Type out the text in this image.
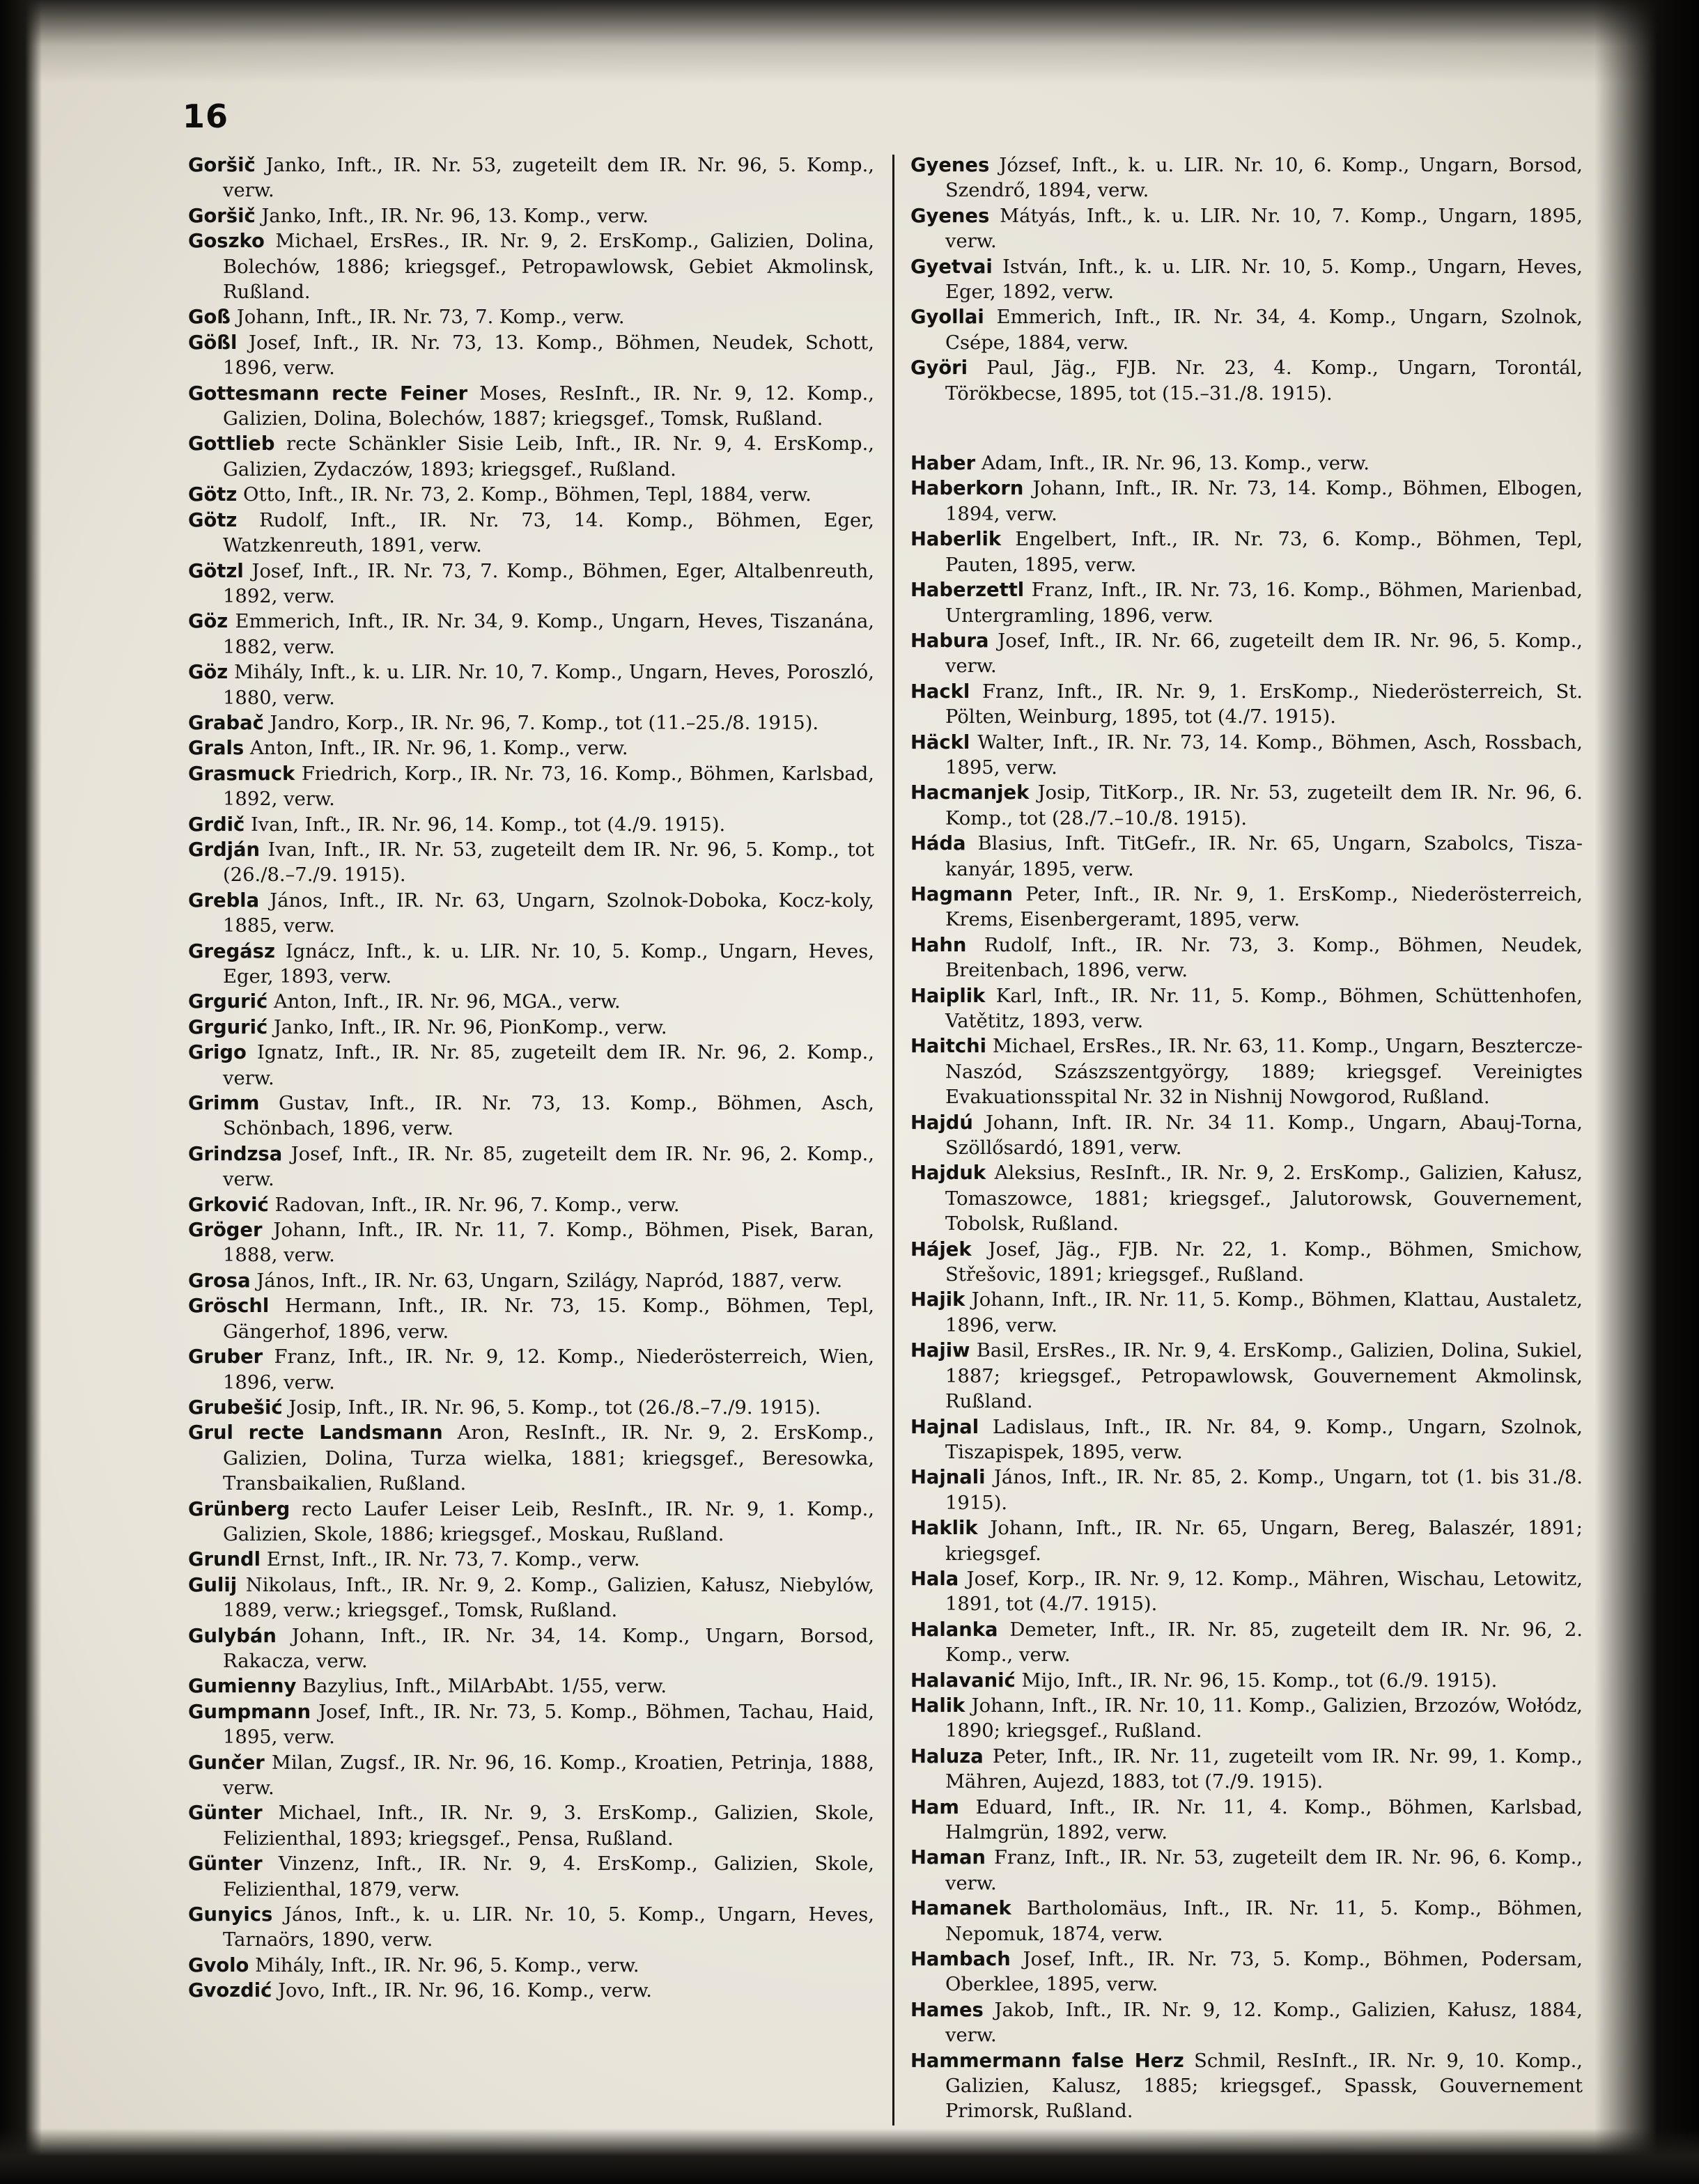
16

Goršič Janko, Inft., IR. Nr. 53, zugeteilt dem IR. Nr. 96, 5. Komp., verw.

Goršič Janko, Inft., IR. Nr. 96, 13. Komp., verw.

Goszko Michael, ErsRes., IR. Nr. 9, 2. ErsKomp., Galizien, Dolina, Bolechów, 1886; kriegsgef., Petropawlowsk, Gebiet Akmolinsk, Rußland.

Goß Johann, Inft., IR. Nr. 73, 7. Komp., verw.

Gößl Josef, Inft., IR. Nr. 73, 13. Komp., Böhmen, Neudek, Schott, 1896, verw.

Gottesmann recte Feiner Moses, ResInft., IR. Nr. 9, 12. Komp., Galizien, Dolina, Bolechów, 1887; kriegsgef., Tomsk, Rußland.

Gottlieb recte Schänkler Sisie Leib, Inft., IR. Nr. 9, 4. ErsKomp., Galizien, Zydaczów, 1893; kriegsgef., Rußland.

Götz Otto, Inft., IR. Nr. 73, 2. Komp., Böhmen, Tepl, 1884, verw.

Götz Rudolf, Inft., IR. Nr. 73, 14. Komp., Böhmen, Eger, Watzkenreuth, 1891, verw.

Götzl Josef, Inft., IR. Nr. 73, 7. Komp., Böhmen, Eger, Altalbenreuth, 1892, verw.

Göz Emmerich, Inft., IR. Nr. 34, 9. Komp., Ungarn, Heves, Tiszanána, 1882, verw.

Göz Mihály, Inft., k. u. LIR. Nr. 10, 7. Komp., Ungarn, Heves, Poroszló, 1880, verw.

Grabač Jandro, Korp., IR. Nr. 96, 7. Komp., tot (11.–25./8. 1915).

Grals Anton, Inft., IR. Nr. 96, 1. Komp., verw.

Grasmuck Friedrich, Korp., IR. Nr. 73, 16. Komp., Böhmen, Karlsbad, 1892, verw.

Grdič Ivan, Inft., IR. Nr. 96, 14. Komp., tot (4./9. 1915).

Grdján Ivan, Inft., IR. Nr. 53, zugeteilt dem IR. Nr. 96, 5. Komp., tot (26./8.–7./9. 1915).

Grebla János, Inft., IR. Nr. 63, Ungarn, Szolnok-Doboka, Kocz-koly, 1885, verw.

Gregász Ignácz, Inft., k. u. LIR. Nr. 10, 5. Komp., Ungarn, Heves, Eger, 1893, verw.

Grgurić Anton, Inft., IR. Nr. 96, MGA., verw.

Grgurić Janko, Inft., IR. Nr. 96, PionKomp., verw.

Grigo Ignatz, Inft., IR. Nr. 85, zugeteilt dem IR. Nr. 96, 2. Komp., verw.

Grimm Gustav, Inft., IR. Nr. 73, 13. Komp., Böhmen, Asch, Schönbach, 1896, verw.

Grindzsa Josef, Inft., IR. Nr. 85, zugeteilt dem IR. Nr. 96, 2. Komp., verw.

Grković Radovan, Inft., IR. Nr. 96, 7. Komp., verw.

Gröger Johann, Inft., IR. Nr. 11, 7. Komp., Böhmen, Pisek, Baran, 1888, verw.

Grosa János, Inft., IR. Nr. 63, Ungarn, Szilágy, Napród, 1887, verw.

Gröschl Hermann, Inft., IR. Nr. 73, 15. Komp., Böhmen, Tepl, Gängerhof, 1896, verw.

Gruber Franz, Inft., IR. Nr. 9, 12. Komp., Niederösterreich, Wien, 1896, verw.

Grubešić Josip, Inft., IR. Nr. 96, 5. Komp., tot (26./8.–7./9. 1915).

Grul recte Landsmann Aron, ResInft., IR. Nr. 9, 2. ErsKomp., Galizien, Dolina, Turza wielka, 1881; kriegsgef., Beresowka, Transbaikalien, Rußland.

Grünberg recto Laufer Leiser Leib, ResInft., IR. Nr. 9, 1. Komp., Galizien, Skole, 1886; kriegsgef., Moskau, Rußland.

Grundl Ernst, Inft., IR. Nr. 73, 7. Komp., verw.

Gulij Nikolaus, Inft., IR. Nr. 9, 2. Komp., Galizien, Kałusz, Niebylów, 1889, verw.; kriegsgef., Tomsk, Rußland.

Gulybán Johann, Inft., IR. Nr. 34, 14. Komp., Ungarn, Borsod, Rakacza, verw.

Gumienny Bazylius, Inft., MilArbAbt. 1/55, verw.

Gumpmann Josef, Inft., IR. Nr. 73, 5. Komp., Böhmen, Tachau, Haid, 1895, verw.

Gunčer Milan, Zugsf., IR. Nr. 96, 16. Komp., Kroatien, Petrinja, 1888, verw.

Günter Michael, Inft., IR. Nr. 9, 3. ErsKomp., Galizien, Skole, Felizienthal, 1893; kriegsgef., Pensa, Rußland.

Günter Vinzenz, Inft., IR. Nr. 9, 4. ErsKomp., Galizien, Skole, Felizienthal, 1879, verw.

Gunyics János, Inft., k. u. LIR. Nr. 10, 5. Komp., Ungarn, Heves, Tarnaörs, 1890, verw.

Gvolo Mihály, Inft., IR. Nr. 96, 5. Komp., verw.

Gvozdić Jovo, Inft., IR. Nr. 96, 16. Komp., verw.

Gyenes József, Inft., k. u. LIR. Nr. 10, 6. Komp., Ungarn, Borsod, Szendrő, 1894, verw.

Gyenes Mátyás, Inft., k. u. LIR. Nr. 10, 7. Komp., Ungarn, 1895, verw.

Gyetvai István, Inft., k. u. LIR. Nr. 10, 5. Komp., Ungarn, Heves, Eger, 1892, verw.

Gyollai Emmerich, Inft., IR. Nr. 34, 4. Komp., Ungarn, Szolnok, Csépe, 1884, verw.

Györi Paul, Jäg., FJB. Nr. 23, 4. Komp., Ungarn, Torontál, Törökbecse, 1895, tot (15.–31./8. 1915).

Haber Adam, Inft., IR. Nr. 96, 13. Komp., verw.

Haberkorn Johann, Inft., IR. Nr. 73, 14. Komp., Böhmen, Elbogen, 1894, verw.

Haberlik Engelbert, Inft., IR. Nr. 73, 6. Komp., Böhmen, Tepl, Pauten, 1895, verw.

Haberzettl Franz, Inft., IR. Nr. 73, 16. Komp., Böhmen, Marienbad, Untergramling, 1896, verw.

Habura Josef, Inft., IR. Nr. 66, zugeteilt dem IR. Nr. 96, 5. Komp., verw.

Hackl Franz, Inft., IR. Nr. 9, 1. ErsKomp., Niederösterreich, St. Pölten, Weinburg, 1895, tot (4./7. 1915).

Häckl Walter, Inft., IR. Nr. 73, 14. Komp., Böhmen, Asch, Rossbach, 1895, verw.

Hacmanjek Josip, TitKorp., IR. Nr. 53, zugeteilt dem IR. Nr. 96, 6. Komp., tot (28./7.–10./8. 1915).

Háda Blasius, Inft. TitGefr., IR. Nr. 65, Ungarn, Szabolcs, Tisza-kanyár, 1895, verw.

Hagmann Peter, Inft., IR. Nr. 9, 1. ErsKomp., Niederösterreich, Krems, Eisenbergeramt, 1895, verw.

Hahn Rudolf, Inft., IR. Nr. 73, 3. Komp., Böhmen, Neudek, Breitenbach, 1896, verw.

Haiplik Karl, Inft., IR. Nr. 11, 5. Komp., Böhmen, Schüttenhofen, Vatětitz, 1893, verw.

Haitchi Michael, ErsRes., IR. Nr. 63, 11. Komp., Ungarn, Besztercze-Naszód, Szászszentgyörgy, 1889; kriegsgef. Vereinigtes Evakuationsspital Nr. 32 in Nishnij Nowgorod, Rußland.

Hajdú Johann, Inft. IR. Nr. 34 11. Komp., Ungarn, Abauj-Torna, Szöllősardó, 1891, verw.

Hajduk Aleksius, ResInft., IR. Nr. 9, 2. ErsKomp., Galizien, Kałusz, Tomaszowce, 1881; kriegsgef., Jalutorowsk, Gouvernement, Tobolsk, Rußland.

Hájek Josef, Jäg., FJB. Nr. 22, 1. Komp., Böhmen, Smichow, Střešovic, 1891; kriegsgef., Rußland.

Hajik Johann, Inft., IR. Nr. 11, 5. Komp., Böhmen, Klattau, Austaletz, 1896, verw.

Hajiw Basil, ErsRes., IR. Nr. 9, 4. ErsKomp., Galizien, Dolina, Sukiel, 1887; kriegsgef., Petropawlowsk, Gouvernement Akmolinsk, Rußland.

Hajnal Ladislaus, Inft., IR. Nr. 84, 9. Komp., Ungarn, Szolnok, Tiszapispek, 1895, verw.

Hajnali János, Inft., IR. Nr. 85, 2. Komp., Ungarn, tot (1. bis 31./8. 1915).

Haklik Johann, Inft., IR. Nr. 65, Ungarn, Bereg, Balaszér, 1891; kriegsgef.

Hala Josef, Korp., IR. Nr. 9, 12. Komp., Mähren, Wischau, Letowitz, 1891, tot (4./7. 1915).

Halanka Demeter, Inft., IR. Nr. 85, zugeteilt dem IR. Nr. 96, 2. Komp., verw.

Halavanić Mijo, Inft., IR. Nr. 96, 15. Komp., tot (6./9. 1915).

Halik Johann, Inft., IR. Nr. 10, 11. Komp., Galizien, Brzozów, Wołódz, 1890; kriegsgef., Rußland.

Haluza Peter, Inft., IR. Nr. 11, zugeteilt vom IR. Nr. 99, 1. Komp., Mähren, Aujezd, 1883, tot (7./9. 1915).

Ham Eduard, Inft., IR. Nr. 11, 4. Komp., Böhmen, Karlsbad, Halmgrün, 1892, verw.

Haman Franz, Inft., IR. Nr. 53, zugeteilt dem IR. Nr. 96, 6. Komp., verw.

Hamanek Bartholomäus, Inft., IR. Nr. 11, 5. Komp., Böhmen, Nepomuk, 1874, verw.

Hambach Josef, Inft., IR. Nr. 73, 5. Komp., Böhmen, Podersam, Oberklee, 1895, verw.

Hames Jakob, Inft., IR. Nr. 9, 12. Komp., Galizien, Kałusz, 1884, verw.

Hammermann false Herz Schmil, ResInft., IR. Nr. 9, 10. Komp., Galizien, Kalusz, 1885; kriegsgef., Spassk, Gouvernement Primorsk, Rußland.
